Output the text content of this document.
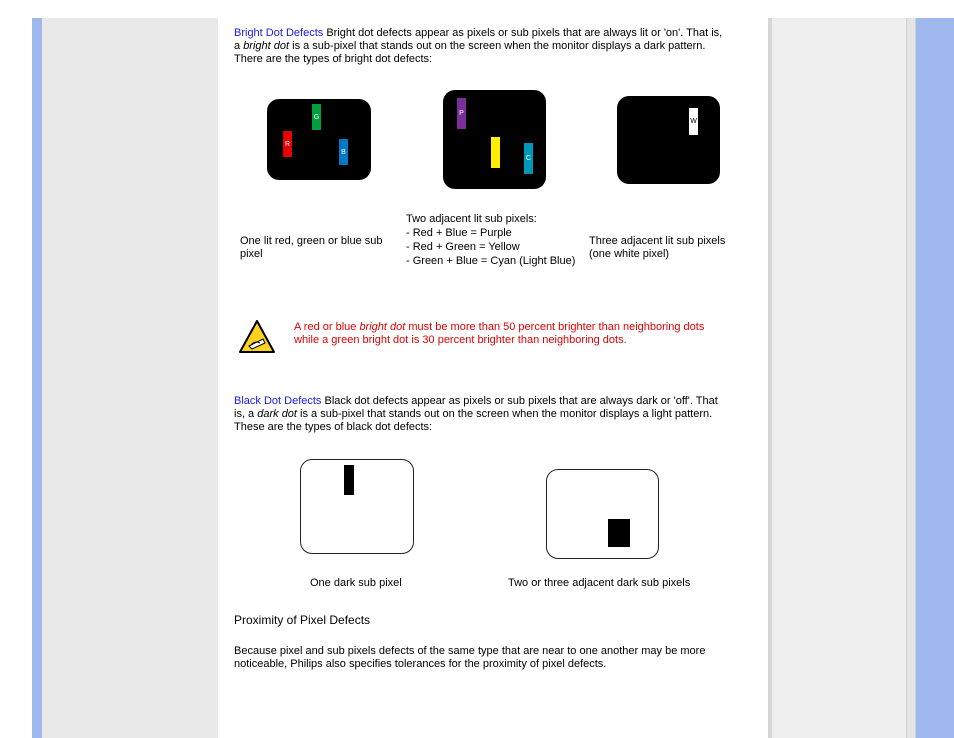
Bright Dot Defects Bright dot defects appear as pixels or sub pixels that are always lit or 'on'. That is,
a bright dot is a sub-pixel that stands out on the screen when the monitor displays a dark pattern.
There are the types of bright dot defects:
G
R
B
P
Y
C
W
One lit red, green or blue sub pixel
Two adjacent lit sub pixels:
- Red + Blue = Purple
- Red + Green = Yellow
- Green + Blue = Cyan (Light Blue)
Three adjacent lit sub pixels (one white pixel)
A red or blue bright dot must be more than 50 percent brighter than neighboring dots
while a green bright dot is 30 percent brighter than neighboring dots.
Black Dot Defects Black dot defects appear as pixels or sub pixels that are always dark or 'off'. That
is, a dark dot is a sub-pixel that stands out on the screen when the monitor displays a light pattern.
These are the types of black dot defects:
One dark sub pixel	Two or three adjacent dark sub pixels
Proximity of Pixel Defects
Because pixel and sub pixels defects of the same type that are near to one another may be more
noticeable, Philips also specifies tolerances for the proximity of pixel defects.
